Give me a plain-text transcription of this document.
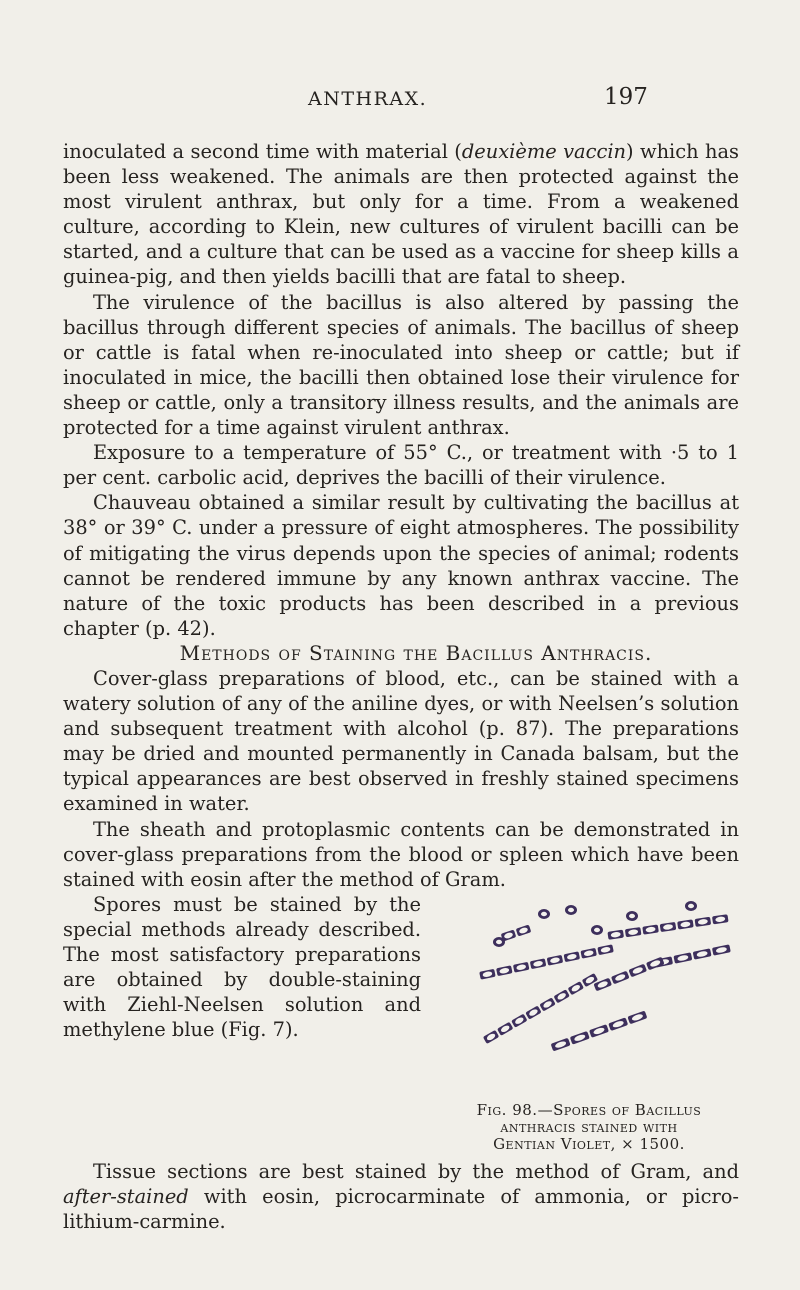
ANTHRAX.	197

inoculated a second time with material (deuxième vaccin) which has been less weakened. The animals are then protected against the most virulent anthrax, but only for a time. From a weakened culture, according to Klein, new cultures of virulent bacilli can be started, and a culture that can be used as a vaccine for sheep kills a guinea-pig, and then yields bacilli that are fatal to sheep.

The virulence of the bacillus is also altered by passing the bacillus through different species of animals. The bacillus of sheep or cattle is fatal when re-inoculated into sheep or cattle; but if inoculated in mice, the bacilli then obtained lose their virulence for sheep or cattle, only a transitory illness results, and the animals are protected for a time against virulent anthrax.

Exposure to a temperature of 55° C., or treatment with ·5 to 1 per cent. carbolic acid, deprives the bacilli of their virulence.

Chauveau obtained a similar result by cultivating the bacillus at 38° or 39° C. under a pressure of eight atmospheres. The possibility of mitigating the virus depends upon the species of animal; rodents cannot be rendered immune by any known anthrax vaccine. The nature of the toxic products has been described in a previous chapter (p. 42).

Methods of Staining the Bacillus Anthracis.

Cover-glass preparations of blood, etc., can be stained with a watery solution of any of the aniline dyes, or with Neelsen’s solution and subsequent treatment with alcohol (p. 87). The preparations may be dried and mounted permanently in Canada balsam, but the typical appearances are best observed in freshly stained specimens examined in water.

The sheath and protoplasmic contents can be demonstrated in cover-glass preparations from the blood or spleen which have been stained with eosin after the method of Gram.

Fig. 98.—Spores of Bacillus
anthracis stained with
Gentian Violet, × 1500.

Spores must be stained by the special methods already described. The most satisfactory preparations are obtained by double-staining with Ziehl-Neelsen solution and methylene blue (Fig. 7).

Tissue sections are best stained by the method of Gram, and after-stained with eosin, picrocarminate of ammonia, or picro-lithium-carmine.
